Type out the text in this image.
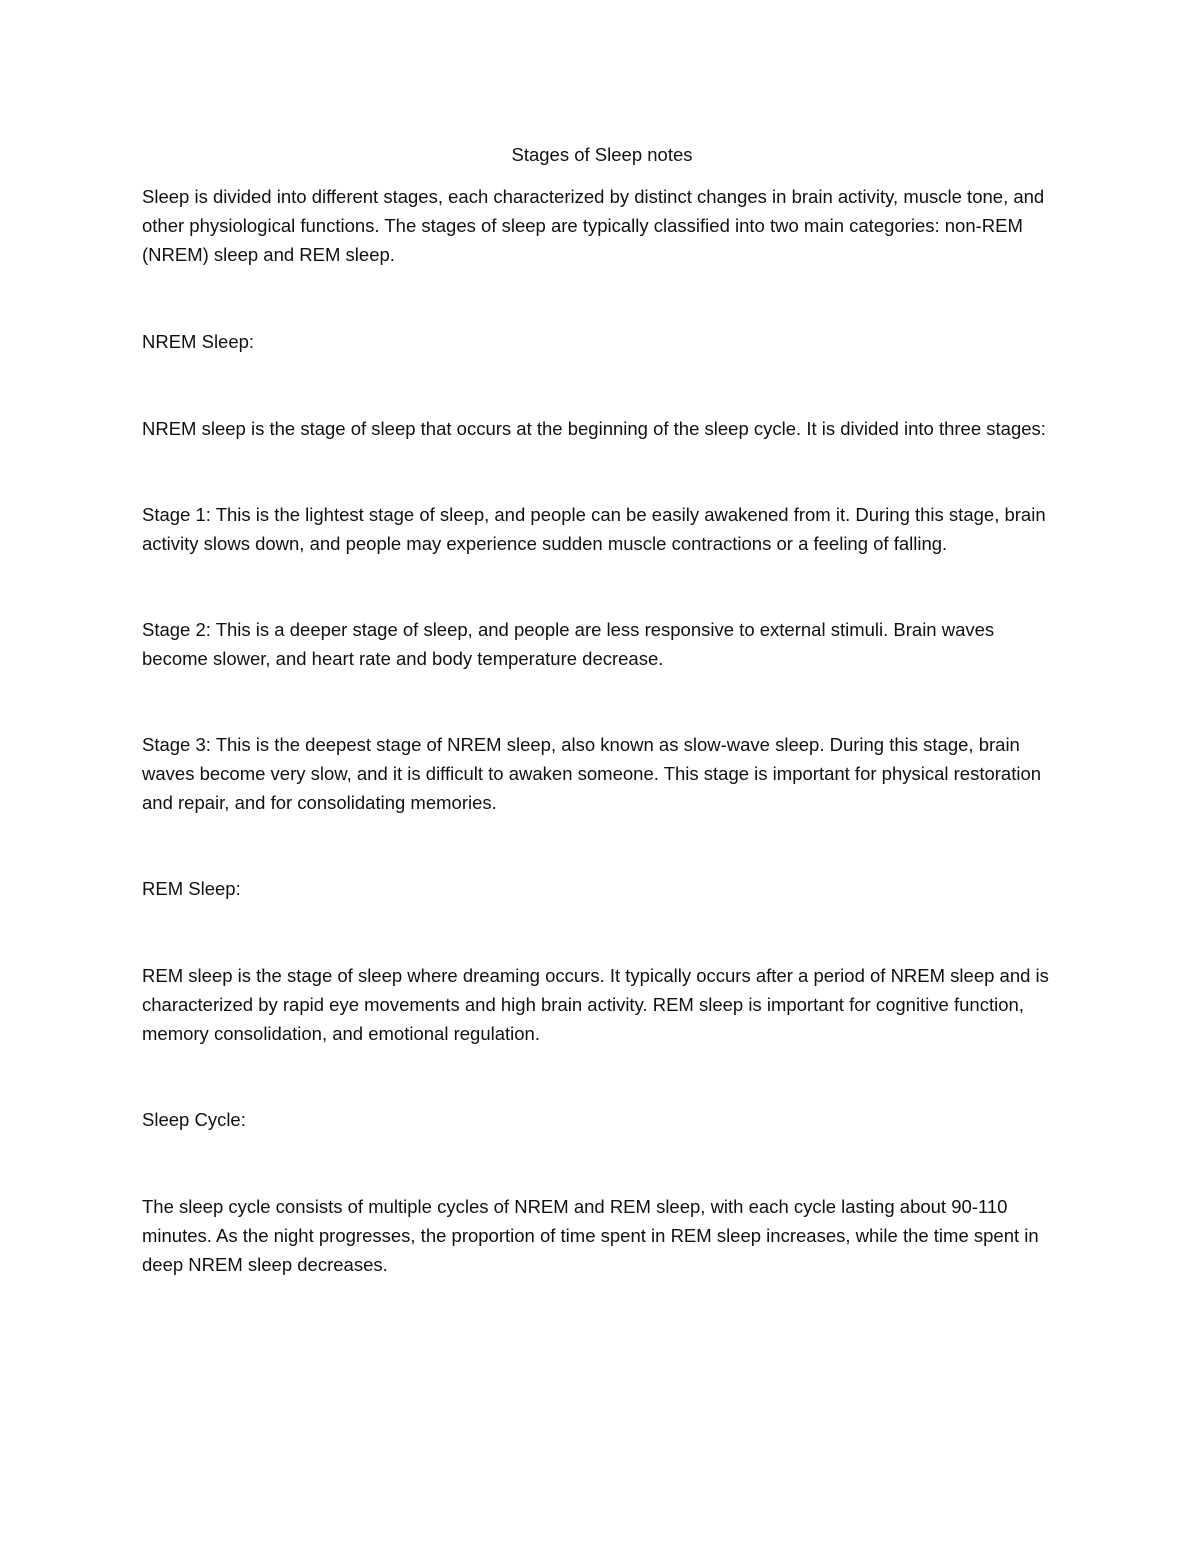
Stages of Sleep notes

Sleep is divided into different stages, each characterized by distinct changes in brain activity, muscle tone, and other physiological functions. The stages of sleep are typically classified into two main categories: non-REM (NREM) sleep and REM sleep.

NREM Sleep:

NREM sleep is the stage of sleep that occurs at the beginning of the sleep cycle. It is divided into three stages:

Stage 1: This is the lightest stage of sleep, and people can be easily awakened from it. During this stage, brain activity slows down, and people may experience sudden muscle contractions or a feeling of falling.

Stage 2: This is a deeper stage of sleep, and people are less responsive to external stimuli. Brain waves become slower, and heart rate and body temperature decrease.

Stage 3: This is the deepest stage of NREM sleep, also known as slow-wave sleep. During this stage, brain waves become very slow, and it is difficult to awaken someone. This stage is important for physical restoration and repair, and for consolidating memories.

REM Sleep:

REM sleep is the stage of sleep where dreaming occurs. It typically occurs after a period of NREM sleep and is characterized by rapid eye movements and high brain activity. REM sleep is important for cognitive function, memory consolidation, and emotional regulation.

Sleep Cycle:

The sleep cycle consists of multiple cycles of NREM and REM sleep, with each cycle lasting about 90-110 minutes. As the night progresses, the proportion of time spent in REM sleep increases, while the time spent in deep NREM sleep decreases.
